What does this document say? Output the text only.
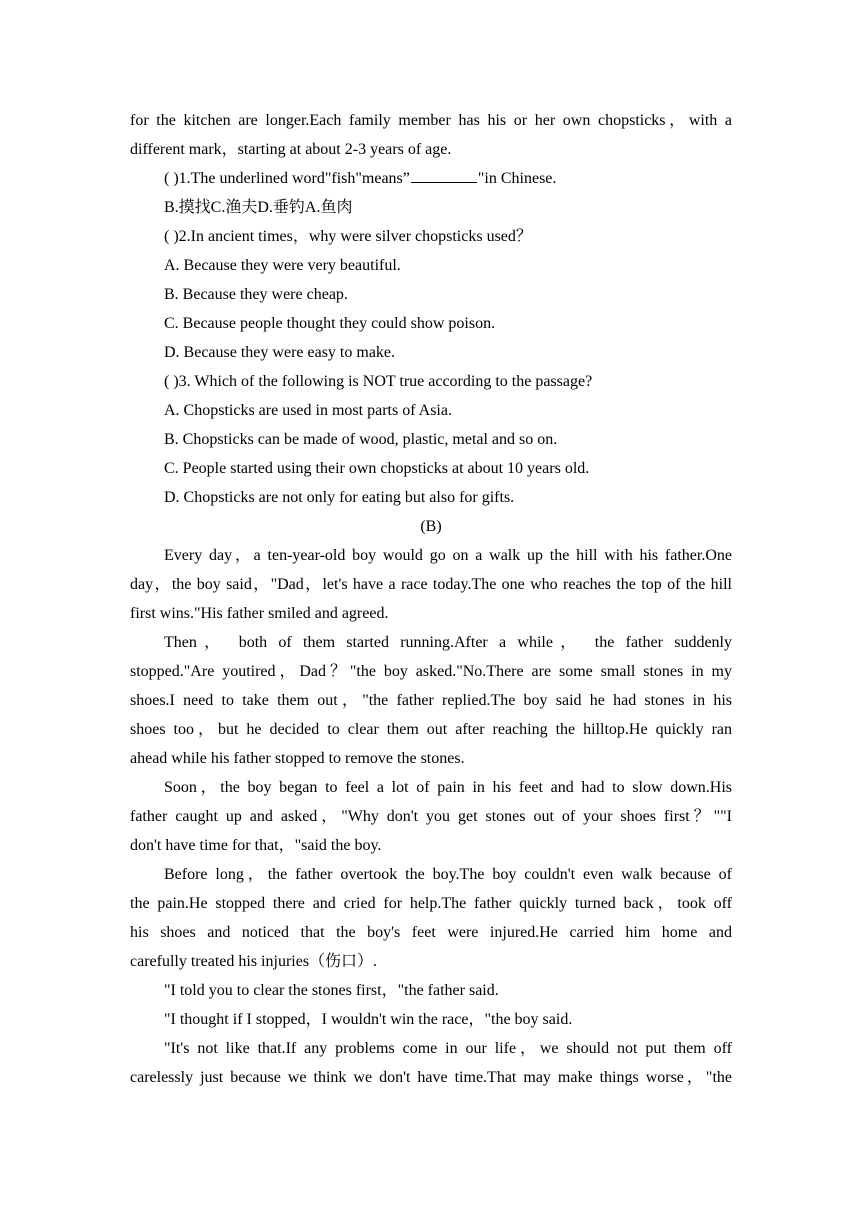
for the kitchen are longer.Each family member has his or her own chopsticks，with a
different mark，starting at about 2-3 years of age.
( )1.The underlined word"fish"means”	"in Chinese.
B.摸找C.渔夫D.垂钓A.鱼肉
( )2.In ancient times，why were silver chopsticks used？
A. Because they were very beautiful.
B. Because they were cheap.
C. Because people thought they could show poison.
D. Because they were easy to make.
( )3. Which of the following is NOT true according to the passage?
A. Chopsticks are used in most parts of Asia.
B. Chopsticks can be made of wood, plastic, metal and so on.
C. People started using their own chopsticks at about 10 years old.
D. Chopsticks are not only for eating but also for gifts.
(B)
Every day，a ten-year-old boy would go on a walk up the hill with his father.One
day，the boy said，"Dad，let's have a race today.The one who reaches the top of the hill
first wins."His father smiled and agreed.
Then， both of them started running.After a while， the father suddenly
stopped."Are youtired，Dad？"the boy asked."No.There are some small stones in my
shoes.I need to take them out，"the father replied.The boy said he had stones in his
shoes too，but he decided to clear them out after reaching the hilltop.He quickly ran
ahead while his father stopped to remove the stones.
Soon，the boy began to feel a lot of pain in his feet and had to slow down.His
father caught up and asked，"Why don't you get stones out of your shoes first？""I
don't have time for that，"said the boy.
Before long，the father overtook the boy.The boy couldn't even walk because of
the pain.He stopped there and cried for help.The father quickly turned back，took off
his shoes and noticed that the boy's feet were injured.He carried him home and
carefully treated his injuries（伤口）.
"I told you to clear the stones first，"the father said.
"I thought if I stopped，I wouldn't win the race，"the boy said.
"It's not like that.If any problems come in our life，we should not put them off
carelessly just because we think we don't have time.That may make things worse，"the
